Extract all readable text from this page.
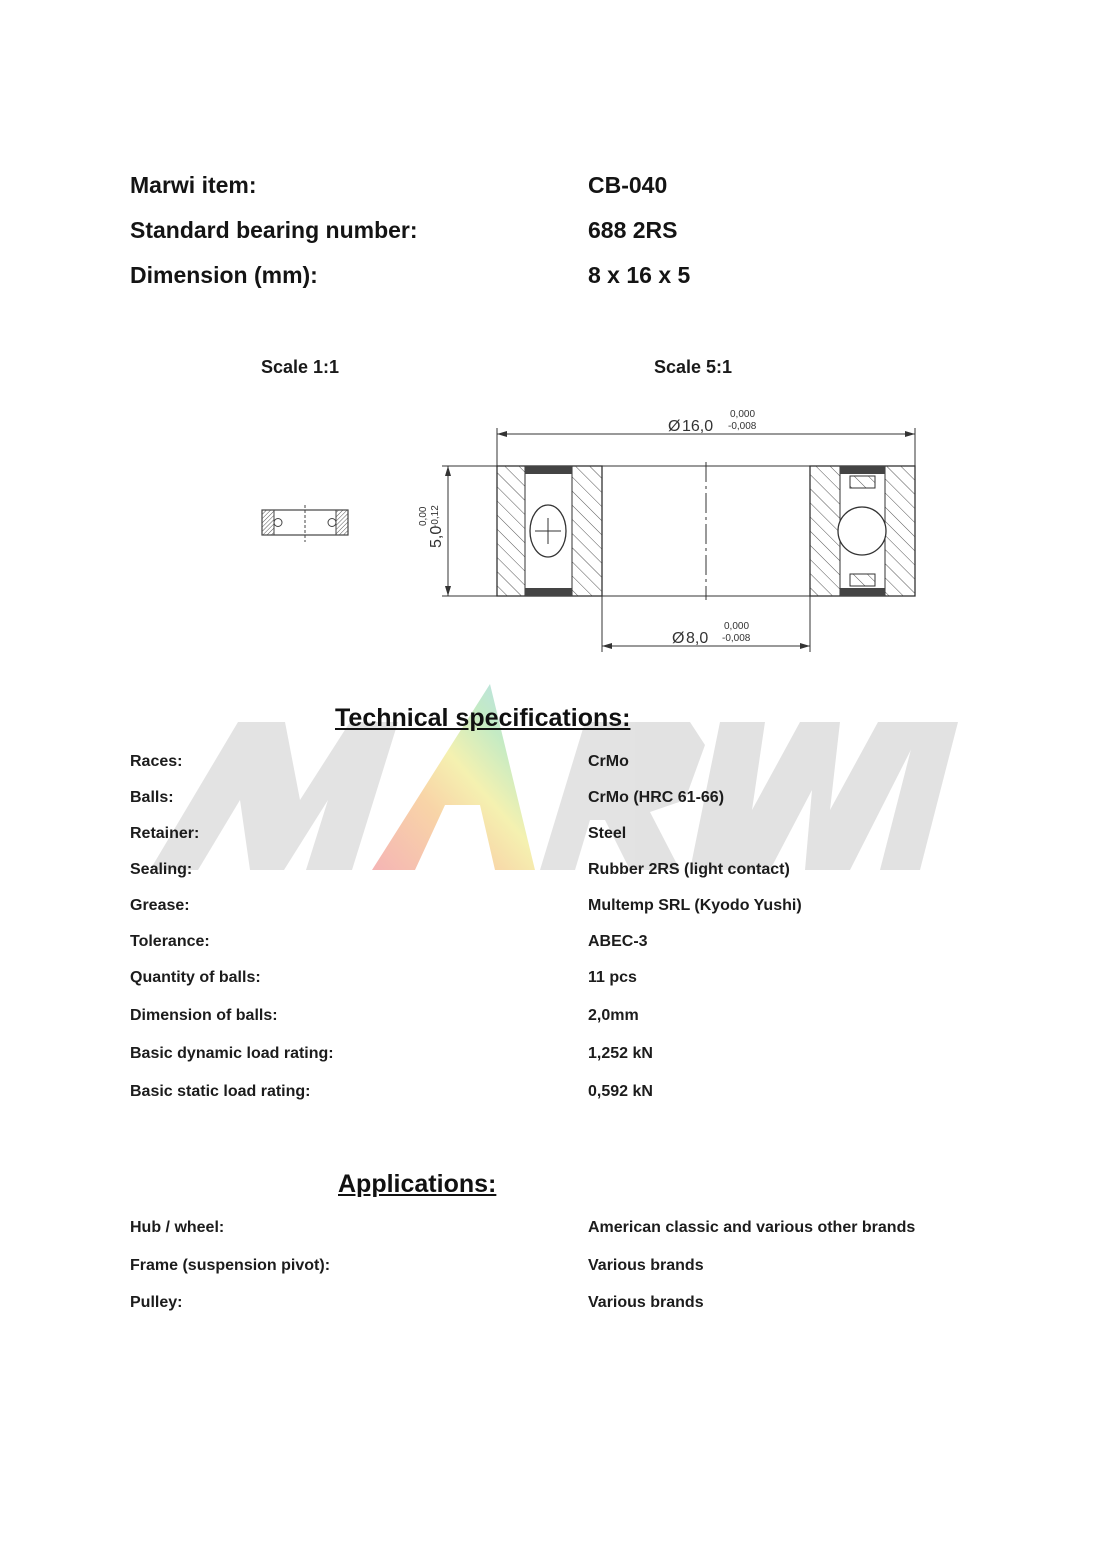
Marwi item:	CB-040
Standard bearing number:	688 2RS
Dimension (mm):	8 x 16 x 5
Scale 1:1	Scale 5:1
Ø 16,0
0,000
-0,008
Ø 8,0
0,000
-0,008
5,0
0,00 -0,12
Technical specifications:
Races:	CrMo
Balls:	CrMo (HRC 61-66)
Retainer:	Steel
Sealing:	Rubber 2RS (light contact)
Grease:	Multemp SRL (Kyodo Yushi)
Tolerance:	ABEC-3
Quantity of balls:	11 pcs
Dimension of balls:	2,0mm
Basic dynamic load rating:	1,252 kN
Basic static load rating:	0,592 kN
Applications:
Hub / wheel:	American classic and various other brands
Frame (suspension pivot):	Various brands
Pulley:	Various brands
